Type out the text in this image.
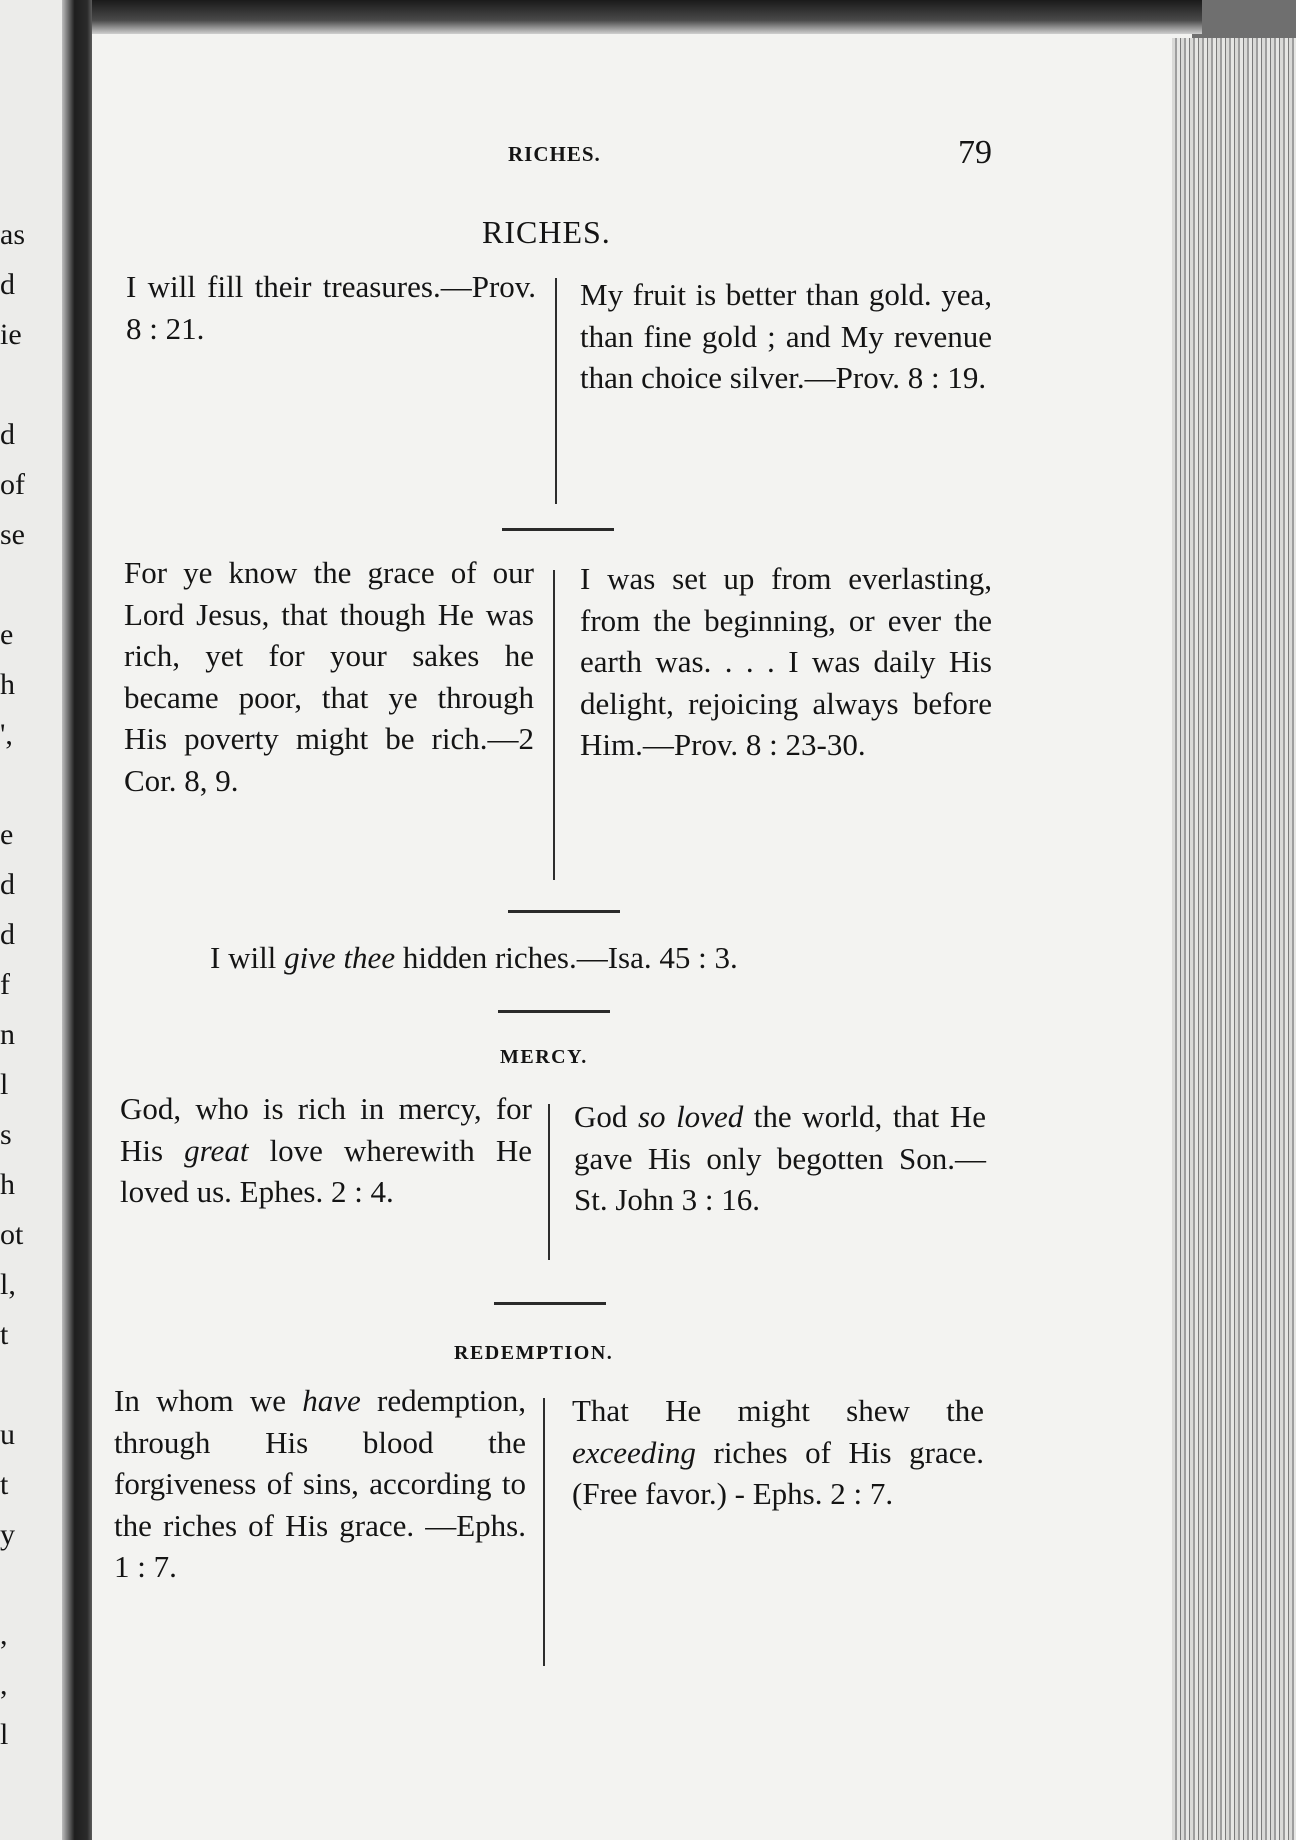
as
d
ie
d
of
se
e
h
',
e
d
d
f
n
l
s
h
ot
l,
t
u
t
y
,
,
l
RICHES.	79
RICHES.
I will fill their treasures.—Prov. 8 : 21.
My fruit is better than gold. yea, than fine gold ; and My revenue than choice silver.—Prov. 8 : 19.
For ye know the grace of our Lord Jesus, that though He was rich, yet for your sakes he became poor, that ye through His poverty might be rich.—2 Cor. 8, 9.
I was set up from everlasting, from the beginning, or ever the earth was. . . . I was daily His delight, rejoicing always before Him.—Prov. 8 : 23-30.
I will give thee hidden riches.—Isa. 45 : 3.
MERCY.
God, who is rich in mercy, for His great love wherewith He loved us. Ephes. 2 : 4.
God so loved the world, that He gave His only begotten Son.—St. John 3 : 16.
REDEMPTION.
In whom we have redemption, through His blood the forgiveness of sins, according to the riches of His grace. —Ephs. 1 : 7.
That He might shew the exceeding riches of His grace. (Free favor.) - Ephs. 2 : 7.
